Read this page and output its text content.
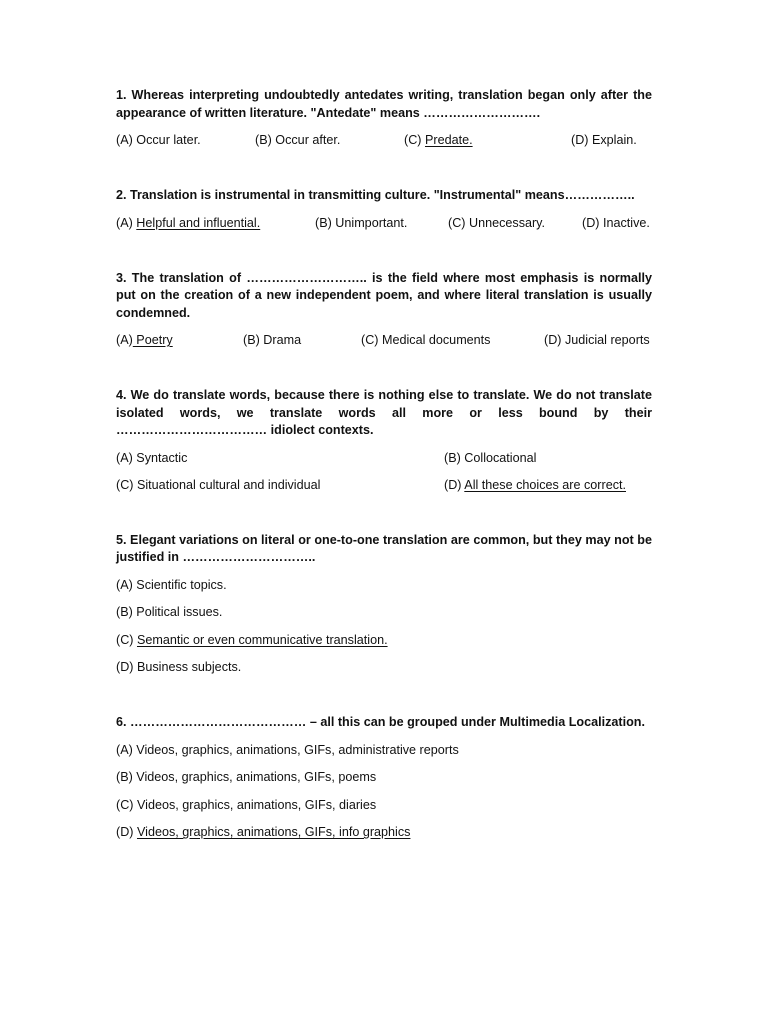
1. Whereas interpreting undoubtedly antedates writing, translation began only after the appearance of written literature. "Antedate" means ……………………….

(A) Occur later.	(B) Occur after.	(C) Predate.	(D) Explain.

2. Translation is instrumental in transmitting culture. "Instrumental" means……………..

(A) Helpful and influential.	(B) Unimportant.	(C) Unnecessary.	(D) Inactive.

3. The translation of ……………………….. is the field where most emphasis is normally put on the creation of a new independent poem, and where literal translation is usually condemned.

(A) Poetry	(B) Drama	(C) Medical documents	(D) Judicial reports

4. We do translate words, because there is nothing else to translate. We do not translate isolated words, we translate words all more or less bound by their ……………………………… idiolect contexts.

(A) Syntactic	(B) Collocational
(C) Situational cultural and individual	(D) All these choices are correct.

5. Elegant variations on literal or one-to-one translation are common, but they may not be justified in …………………………..

(A) Scientific topics.
(B) Political issues.
(C) Semantic or even communicative translation.
(D) Business subjects.

6. …………………………………… – all this can be grouped under Multimedia Localization.

(A) Videos, graphics, animations, GIFs, administrative reports
(B) Videos, graphics, animations, GIFs, poems
(C) Videos, graphics, animations, GIFs, diaries
(D) Videos, graphics, animations, GIFs, info graphics
